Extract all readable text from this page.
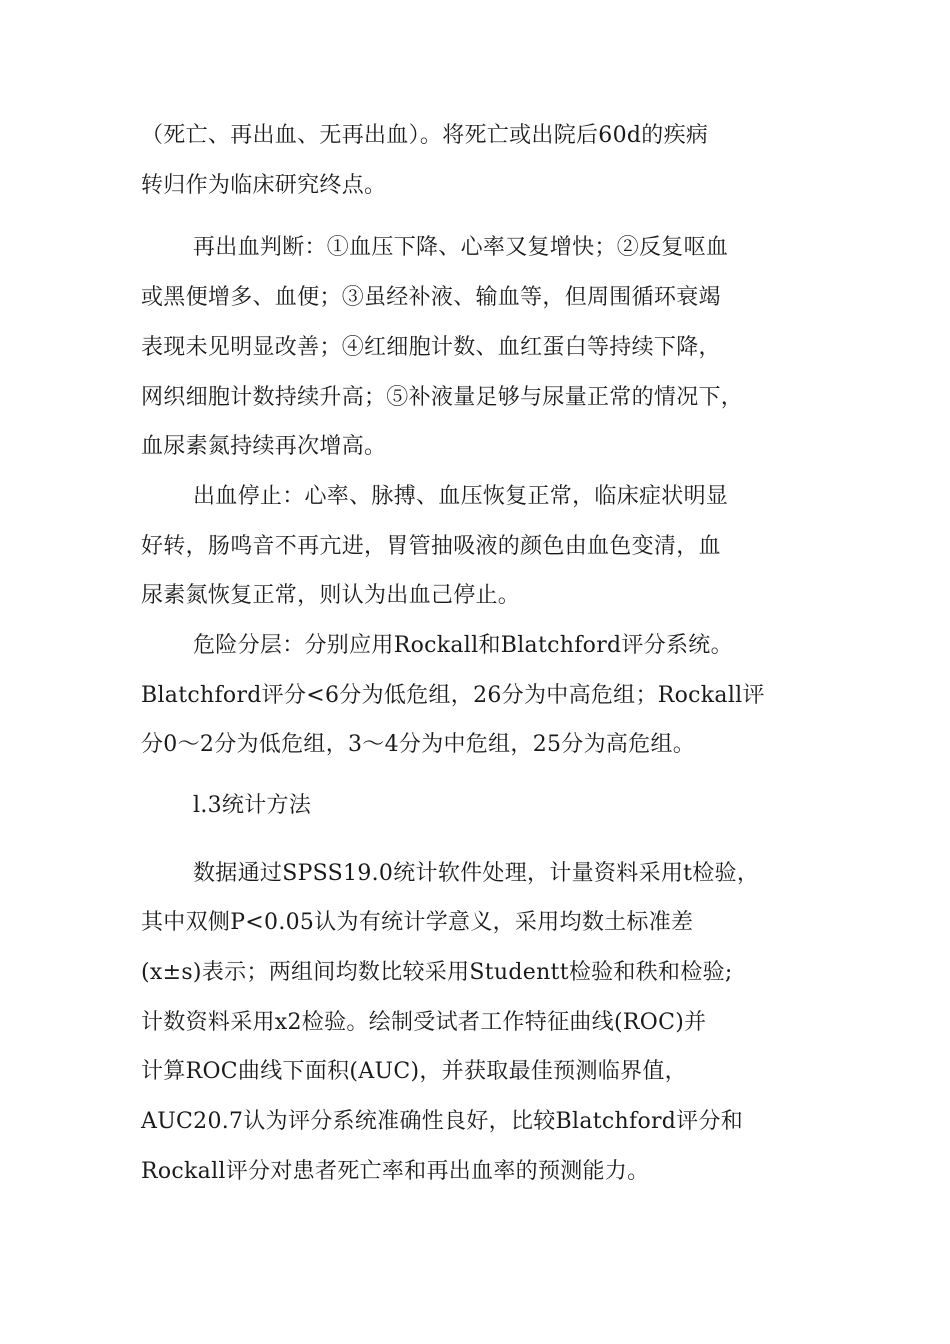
（死亡、再出血、无再出血）。将死亡或出院后60d的疾病
转归作为临床研究终点。
再出血判断：①血压下降、心率又复增快；②反复呕血
或黑便增多、血便；③虽经补液、输血等，但周围循环衰竭
表现未见明显改善；④红细胞计数、血红蛋白等持续下降，
网织细胞计数持续升高；⑤补液量足够与尿量正常的情况下，
血尿素氮持续再次增高。
出血停止：心率、脉搏、血压恢复正常，临床症状明显
好转，肠鸣音不再亢进，胃管抽吸液的颜色由血色变清，血
尿素氮恢复正常，则认为出血己停止。
危险分层：分别应用Rockall和Blatchford评分系统。
Blatchford评分<6分为低危组，26分为中高危组；Rockall评
分0〜2分为低危组，3〜4分为中危组，25分为高危组。
l.3统计方法
数据通过SPSS19.0统计软件处理，计量资料采用t检验，
其中双侧P<0.05认为有统计学意义，采用均数土标准差
(x±s)表示；两组间均数比较采用Studentt检验和秩和检验;
计数资料采用x2检验。绘制受试者工作特征曲线(ROC)并
计算ROC曲线下面积(AUC)，并获取最佳预测临界值，
AUC20.7认为评分系统准确性良好，比较Blatchford评分和
Rockall评分对患者死亡率和再出血率的预测能力。
